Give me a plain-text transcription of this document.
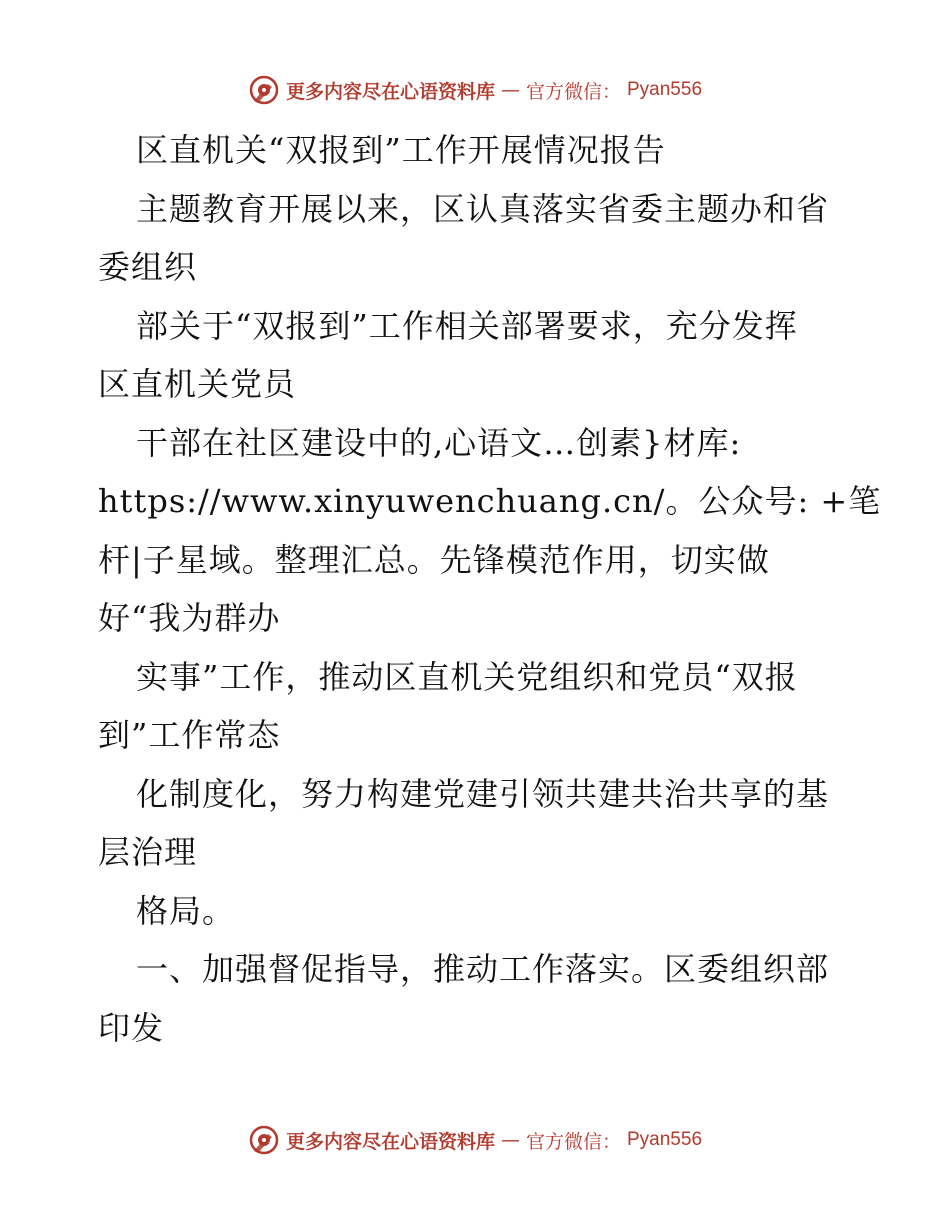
更多内容尽在心语资料库 — 官方微信： Pyan556
区直机关“双报到”工作开展情况报告
主题教育开展以来，区认真落实省委主题办和省
委组织
部关于“双报到”工作相关部署要求，充分发挥
区直机关党员
干部在社区建设中的,心语文…创素}材库:
https://www.xinyuwenchuang.cn/。公众号: +笔
杆|子星域。整理汇总。先锋模范作用，切实做
好“我为群办
实事”工作，推动区直机关党组织和党员“双报
到”工作常态
化制度化，努力构建党建引领共建共治共享的基
层治理
格局。
一、加强督促指导，推动工作落实。区委组织部
印发
更多内容尽在心语资料库 — 官方微信： Pyan556
